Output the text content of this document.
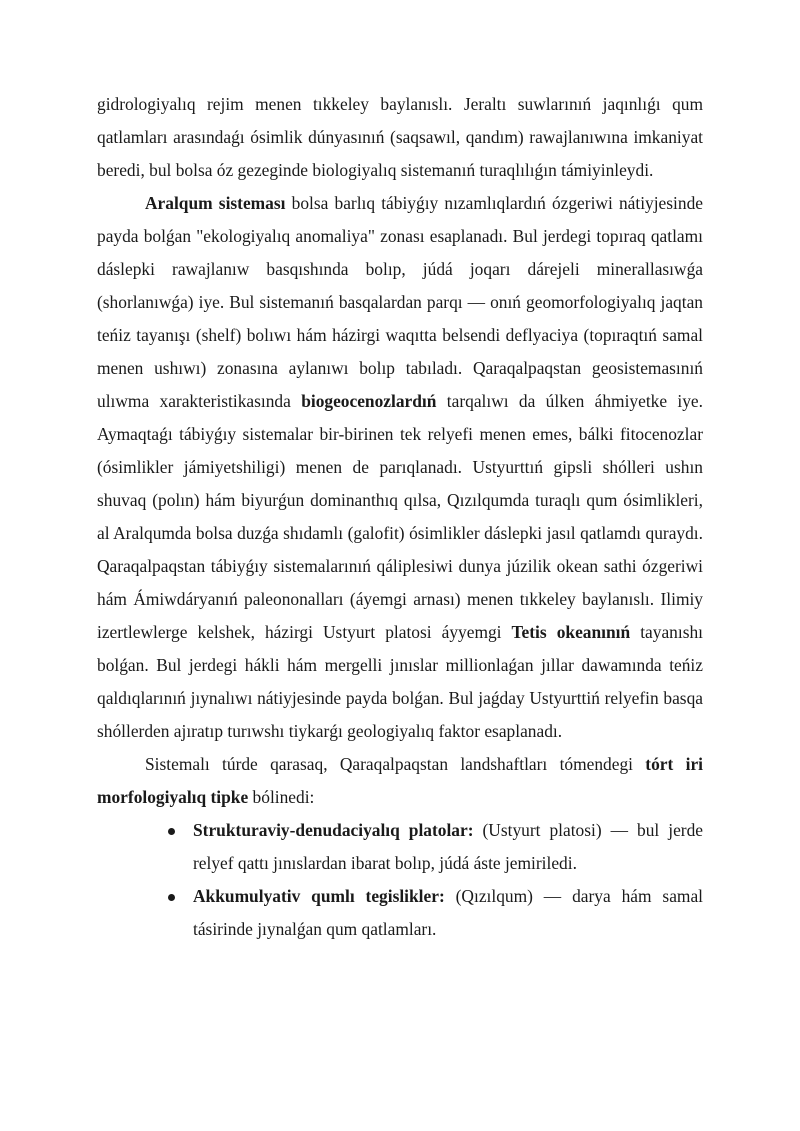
gidrologiyalıq rejim menen tıkkeley baylanıslı. Jeraltı suwlarınıń jaqınlıǵı qum qatlamları arasındaǵı ósimlik dúnyasınıń (saqsawıl, qandım) rawajlanıwına imkaniyat beredi, bul bolsa óz gezeginde biologiyalıq sistemanıń turaqlılıǵın támiyinleydi.

Aralqum sisteması bolsa barlıq tábiyǵıy nızamlıqlardıń ózgeriwi nátiyjesinde payda bolǵan "ekologiyalıq anomaliya" zonası esaplanadı. Bul jerdegi topıraq qatlamı dáslepki rawajlanıw basqıshında bolıp, júdá joqarı dárejeli minerallasıwǵa (shorlanıwǵa) iye. Bul sistemanıń basqalardan parqı — onıń geomorfologiyalıq jaqtan teńiz tayanışı (shelf) bolıwı hám házirgi waqıtta belsendi deflyaciya (topıraqtıń samal menen ushıwı) zonasına aylanıwı bolıp tabıladı. Qaraqalpaqstan geosistemasınıń ulıwma xarakteristikasında biogeocenozlardıń tarqalıwı da úlken áhmiyetke iye. Aymaqtaǵı tábiyǵıy sistemalar bir-birinen tek relyefi menen emes, bálki fitocenozlar (ósimlikler jámiyetshiligi) menen de parıqlanadı. Ustyurttıń gipsli shólleri ushın shuvaq (polın) hám biyurǵun dominanthıq qılsa, Qızılqumda turaqlı qum ósimlikleri, al Aralqumda bolsa duzǵa shıdamlı (galofit) ósimlikler dáslepki jasıl qatlamdı quraydı. Qaraqalpaqstan tábiyǵıy sistemalarınıń qáliplesiwi dunya júzilik okean sathi ózgeriwi hám Ámiwdáryanıń paleononalları (áyemgi arnası) menen tıkkeley baylanıslı. Ilimiy izertlewlerge kelshek, házirgi Ustyurt platosi áyyemgi Tetis okeanınıń tayanıshı bolǵan. Bul jerdegi hákli hám mergelli jınıslar millionlaǵan jıllar dawamında teńiz qaldıqlarınıń jıynalıwı nátiyjesinde payda bolǵan. Bul jaǵday Ustyurttiń relyefin basqa shóllerden ajıratıp turıwshı tiykarǵı geologiyalıq faktor esaplanadı.

Sistemalı túrde qarasaq, Qaraqalpaqstan landshaftları tómendegi tórt iri morfologiyalıq tipke bólinedi:

Strukturaviy-denudaciyalıq platolar: (Ustyurt platosi) — bul jerde relyef qattı jınıslardan ibarat bolıp, júdá áste jemiriledi.
Akkumulyativ qumlı tegislikler: (Qızılqum) — darya hám samal tásirinde jıynalǵan qum qatlamları.
